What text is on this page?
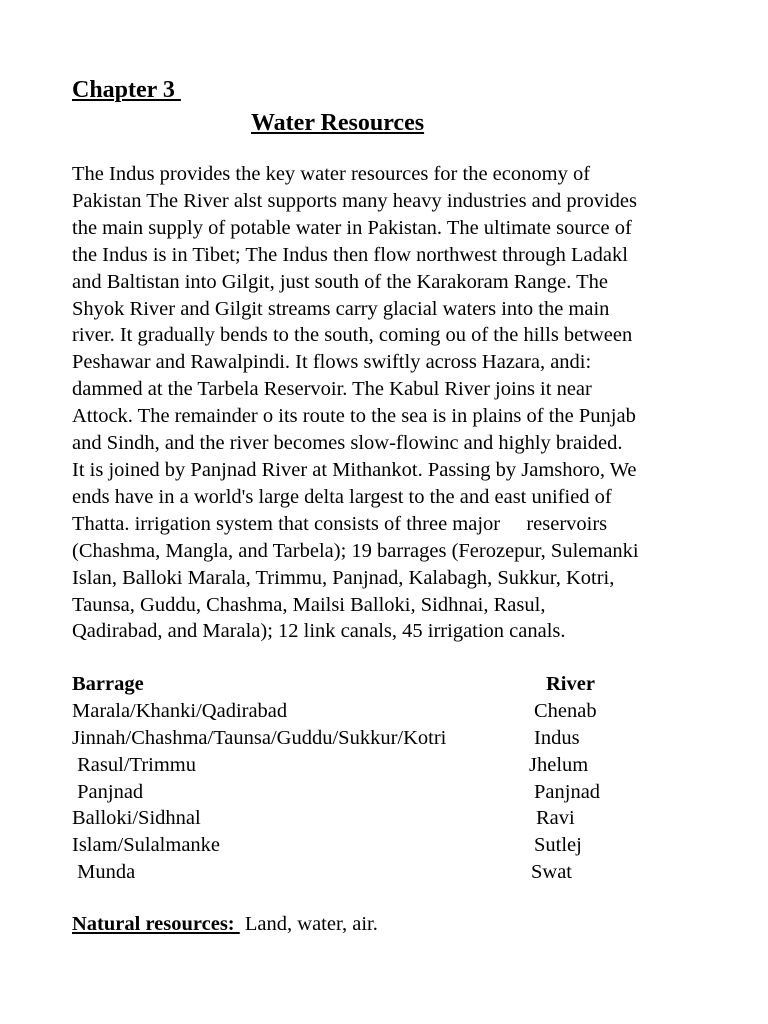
Chapter 3
Water Resources
The Indus provides the key water resources for the economy of
Pakistan The River alst supports many heavy industries and provides
the main supply of potable water in Pakistan. The ultimate source of
the Indus is in Tibet; The Indus then flow northwest through Ladakl
and Baltistan into Gilgit, just south of the Karakoram Range. The
Shyok River and Gilgit streams carry glacial waters into the main
river. It gradually bends to the south, coming ou of the hills between
Peshawar and Rawalpindi. It flows swiftly across Hazara, andi:
dammed at the Tarbela Reservoir. The Kabul River joins it near
Attock. The remainder o its route to the sea is in plains of the Punjab
and Sindh, and the river becomes slow-flowinc and highly braided.
It is joined by Panjnad River at Mithankot. Passing by Jamshoro, We
ends have in a world's large delta largest to the and east unified of
Thatta. irrigation system that consists of three major reservoirs
(Chashma, Mangla, and Tarbela); 19 barrages (Ferozepur, Sulemanki
Islan, Balloki Marala, Trimmu, Panjnad, Kalabagh, Sukkur, Kotri,
Taunsa, Guddu, Chashma, Mailsi Balloki, Sidhnai, Rasul,
Qadirabad, and Marala); 12 link canals, 45 irrigation canals.
Barrage	River
Marala/Khanki/Qadirabad	Chenab
Jinnah/Chashma/Taunsa/Guddu/Sukkur/Kotri	Indus
Rasul/Trimmu	Jhelum
Panjnad	Panjnad
Balloki/Sidhnal	Ravi
Islam/Sulalmanke	Sutlej
Munda	Swat
Natural resources:  Land, water, air.
